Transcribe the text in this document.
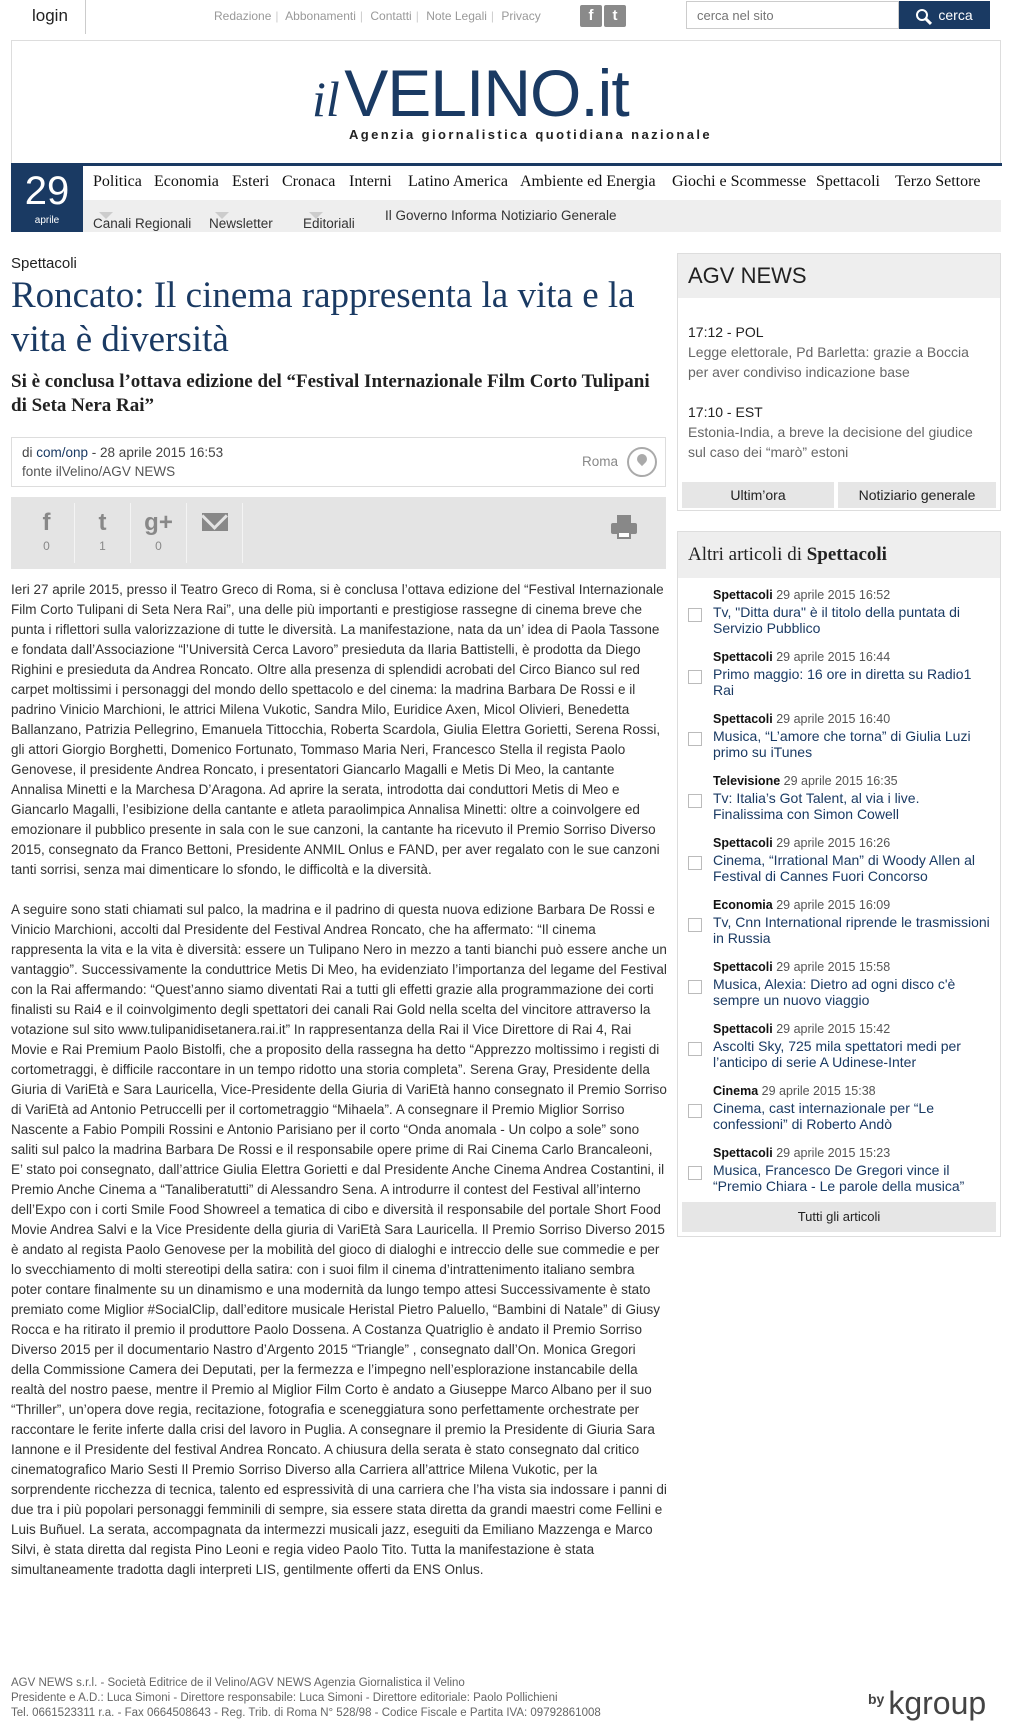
login	Redazione | Abbonamenti | Contatti | Note Legali | Privacy	f t
cerca nel sito	cerca
il VELINO.it
Agenzia giornalistica quotidiana nazionale
29
aprile
Politica Economia Esteri Cronaca Interni Latino America Ambiente ed Energia Giochi e Scommesse Spettacoli Terzo Settore
Canali Regionali Newsletter Editoriali
Il Governo Informa Notiziario Generale
Spettacoli
Roncato: Il cinema rappresenta la vita e la vita è diversità
Si è conclusa l’ottava edizione del “Festival Internazionale Film Corto Tulipani di Seta Nera Rai”
di com/onp - 28 aprile 2015 16:53
fonte ilVelino/AGV NEWS
Roma
f
0
t
1
g+
0

Ieri 27 aprile 2015, presso il Teatro Greco di Roma, si è conclusa l’ottava edizione del “Festival Internazionale Film Corto Tulipani di Seta Nera Rai”, una delle più importanti e prestigiose rassegne di cinema breve che punta i riflettori sulla valorizzazione di tutte le diversità. La manifestazione, nata da un’ idea di Paola Tassone e fondata dall’Associazione “l’Università Cerca Lavoro” presieduta da Ilaria Battistelli, è prodotta da Diego Righini e presieduta da Andrea Roncato. Oltre alla presenza di splendidi acrobati del Circo Bianco sul red carpet moltissimi i personaggi del mondo dello spettacolo e del cinema: la madrina Barbara De Rossi e il padrino Vinicio Marchioni, le attrici Milena Vukotic, Sandra Milo, Euridice Axen, Micol Olivieri, Benedetta Ballanzano, Patrizia Pellegrino, Emanuela Tittocchia, Roberta Scardola, Giulia Elettra Gorietti, Serena Rossi, gli attori Giorgio Borghetti, Domenico Fortunato, Tommaso Maria Neri, Francesco Stella il regista Paolo Genovese, il presidente Andrea Roncato, i presentatori Giancarlo Magalli e Metis Di Meo, la cantante Annalisa Minetti e la Marchesa D’Aragona. Ad aprire la serata, introdotta dai conduttori Metis di Meo e Giancarlo Magalli, l’esibizione della cantante e atleta paraolimpica Annalisa Minetti: oltre a coinvolgere ed emozionare il pubblico presente in sala con le sue canzoni, la cantante ha ricevuto il Premio Sorriso Diverso 2015, consegnato da Franco Bettoni, Presidente ANMIL Onlus e FAND, per aver regalato con le sue canzoni tanti sorrisi, senza mai dimenticare lo sfondo, le difficoltà e la diversità.

A seguire sono stati chiamati sul palco, la madrina e il padrino di questa nuova edizione Barbara De Rossi e Vinicio Marchioni, accolti dal Presidente del Festival Andrea Roncato, che ha affermato: “Il cinema rappresenta la vita e la vita è diversità: essere un Tulipano Nero in mezzo a tanti bianchi può essere anche un vantaggio”. Successivamente la conduttrice Metis Di Meo, ha evidenziato l’importanza del legame del Festival con la Rai affermando: “Quest’anno siamo diventati Rai a tutti gli effetti grazie alla programmazione dei corti finalisti su Rai4 e il coinvolgimento degli spettatori dei canali Rai Gold nella scelta del vincitore attraverso la votazione sul sito www.tulipanidisetanera.rai.it” In rappresentanza della Rai il Vice Direttore di Rai 4, Rai Movie e Rai Premium Paolo Bistolfi, che a proposito della rassegna ha detto “Apprezzo moltissimo i registi di cortometraggi, è difficile raccontare in un tempo ridotto una storia completa”. Serena Gray, Presidente della Giuria di VariEtà e Sara Lauricella, Vice-Presidente della Giuria di VariEtà hanno consegnato il Premio Sorriso di VariEtà ad Antonio Petruccelli per il cortometraggio “Mihaela”. A consegnare il Premio Miglior Sorriso Nascente a Fabio Pompili Rossini e Antonio Parisiano per il corto “Onda anomala - Un colpo a sole” sono saliti sul palco la madrina Barbara De Rossi e il responsabile opere prime di Rai Cinema Carlo Brancaleoni, E’ stato poi consegnato, dall’attrice Giulia Elettra Gorietti e dal Presidente Anche Cinema Andrea Costantini, il Premio Anche Cinema a “Tanaliberatutti” di Alessandro Sena. A introdurre il contest del Festival all’interno dell’Expo con i corti Smile Food Showreel a tematica di cibo e diversità il responsabile del portale Short Food Movie Andrea Salvi e la Vice Presidente della giuria di VariEtà Sara Lauricella. Il Premio Sorriso Diverso 2015 è andato al regista Paolo Genovese per la mobilità del gioco di dialoghi e intreccio delle sue commedie e per lo svecchiamento di molti stereotipi della satira: con i suoi film il cinema d’intrattenimento italiano sembra poter contare finalmente su un dinamismo e una modernità da lungo tempo attesi Successivamente è stato premiato come Miglior #SocialClip, dall’editore musicale Heristal Pietro Paluello, “Bambini di Natale” di Giusy Rocca e ha ritirato il premio il produttore Paolo Dossena. A Costanza Quatriglio è andato il Premio Sorriso Diverso 2015 per il documentario Nastro d’Argento 2015 “Triangle” , consegnato dall’On. Monica Gregori della Commissione Camera dei Deputati, per la fermezza e l’impegno nell’esplorazione instancabile della realtà del nostro paese, mentre il Premio al Miglior Film Corto è andato a Giuseppe Marco Albano per il suo “Thriller”, un’opera dove regia, recitazione, fotografia e sceneggiatura sono perfettamente orchestrate per raccontare le ferite inferte dalla crisi del lavoro in Puglia. A consegnare il premio la Presidente di Giuria Sara Iannone e il Presidente del festival Andrea Roncato. A chiusura della serata è stato consegnato dal critico cinematografico Mario Sesti Il Premio Sorriso Diverso alla Carriera all’attrice Milena Vukotic, per la sorprendente ricchezza di tecnica, talento ed espressività di una carriera che l’ha vista sia indossare i panni di due tra i più popolari personaggi femminili di sempre, sia essere stata diretta da grandi maestri come Fellini e Luis Buñuel. La serata, accompagnata da intermezzi musicali jazz, eseguiti da Emiliano Mazzenga e Marco Silvi, è stata diretta dal regista Pino Leoni e regia video Paolo Tito. Tutta la manifestazione è stata simultaneamente tradotta dagli interpreti LIS, gentilmente offerti da ENS Onlus.

AGV NEWS
17:12 - POL
Legge elettorale, Pd Barletta: grazie a Boccia per aver condiviso indicazione base
17:10 - EST
Estonia-India, a breve la decisione del giudice sul caso dei “marò” estoni
Ultim’ora	Notiziario generale
Altri articoli di Spettacoli
Spettacoli 29 aprile 2015 16:52
Tv, "Ditta dura" è il titolo della puntata di Servizio Pubblico
Spettacoli 29 aprile 2015 16:44
Primo maggio: 16 ore in diretta su Radio1 Rai
Spettacoli 29 aprile 2015 16:40
Musica, “L’amore che torna” di Giulia Luzi primo su iTunes
Televisione 29 aprile 2015 16:35
Tv: Italia’s Got Talent, al via i live. Finalissima con Simon Cowell
Spettacoli 29 aprile 2015 16:26
Cinema, “Irrational Man” di Woody Allen al Festival di Cannes Fuori Concorso
Economia 29 aprile 2015 16:09
Tv, Cnn International riprende le trasmissioni in Russia
Spettacoli 29 aprile 2015 15:58
Musica, Alexia: Dietro ad ogni disco c'è sempre un nuovo viaggio
Spettacoli 29 aprile 2015 15:42
Ascolti Sky, 725 mila spettatori medi per l’anticipo di serie A Udinese-Inter
Cinema 29 aprile 2015 15:38
Cinema, cast internazionale per “Le confessioni” di Roberto Andò
Spettacoli 29 aprile 2015 15:23
Musica, Francesco De Gregori vince il “Premio Chiara - Le parole della musica”
Tutti gli articoli
AGV NEWS s.r.l. - Società Editrice de il Velino/AGV NEWS Agenzia Giornalistica il Velino
Presidente e A.D.: Luca Simoni - Direttore responsabile: Luca Simoni - Direttore editoriale: Paolo Pollichieni
Tel. 0661523311 r.a. - Fax 0664508643 - Reg. Trib. di Roma N° 528/98 - Codice Fiscale e Partita IVA: 09792861008
$^{by}$ kgroup
